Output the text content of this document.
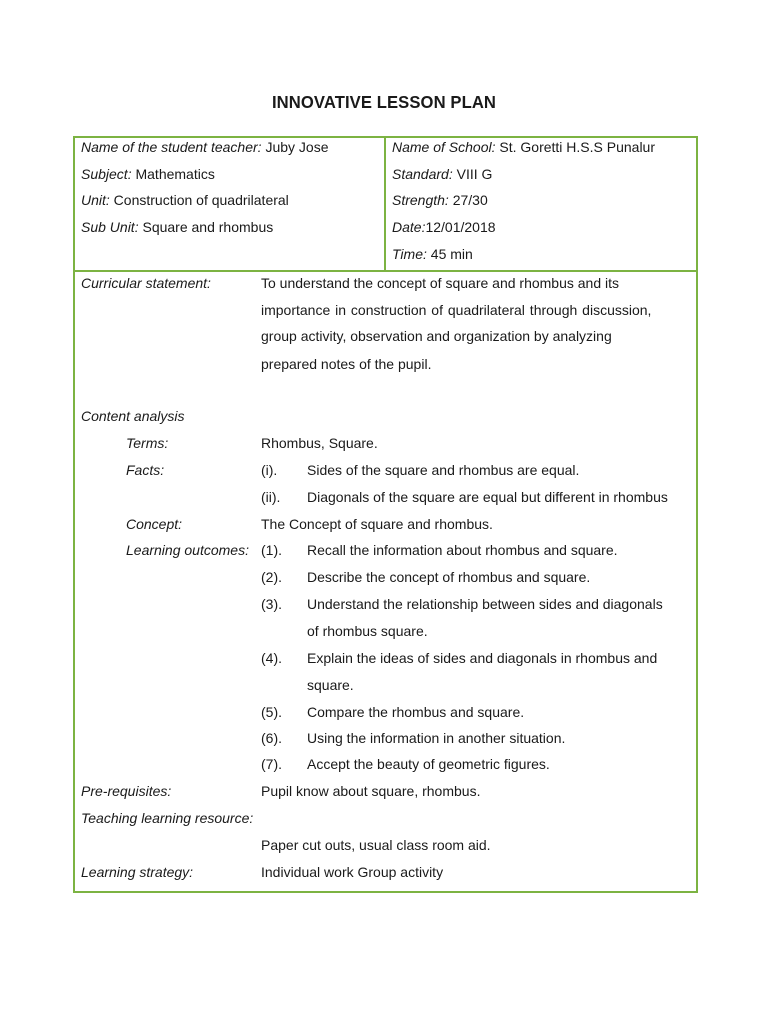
INNOVATIVE LESSON PLAN
Name of the student teacher: Juby Jose
Subject: Mathematics
Unit: Construction of quadrilateral
Sub Unit: Square and rhombus
Name of School: St. Goretti H.S.S Punalur
Standard: VIII G
Strength: 27/30
Date:12/01/2018
Time: 45 min
Curricular statement:	To understand the concept of square and rhombus and its
importance in construction of quadrilateral through discussion,
group activity, observation and organization by analyzing
prepared notes of the pupil.
Content analysis
Terms:	Rhombus, Square.
Facts:	(i). Sides of the square and rhombus are equal.
(ii). Diagonals of the square are equal but different in rhombus
Concept:	The Concept of square and rhombus.
Learning outcomes: (1). Recall the information about rhombus and square.
(2). Describe the concept of rhombus and square.
(3). Understand the relationship between sides and diagonals
of rhombus square.
(4). Explain the ideas of sides and diagonals in rhombus and
square.
(5). Compare the rhombus and square.
(6). Using the information in another situation.
(7). Accept the beauty of geometric figures.
Pre-requisites:	Pupil know about square, rhombus.
Teaching learning resource:
Paper cut outs, usual class room aid.
Learning strategy:	Individual work Group activity
